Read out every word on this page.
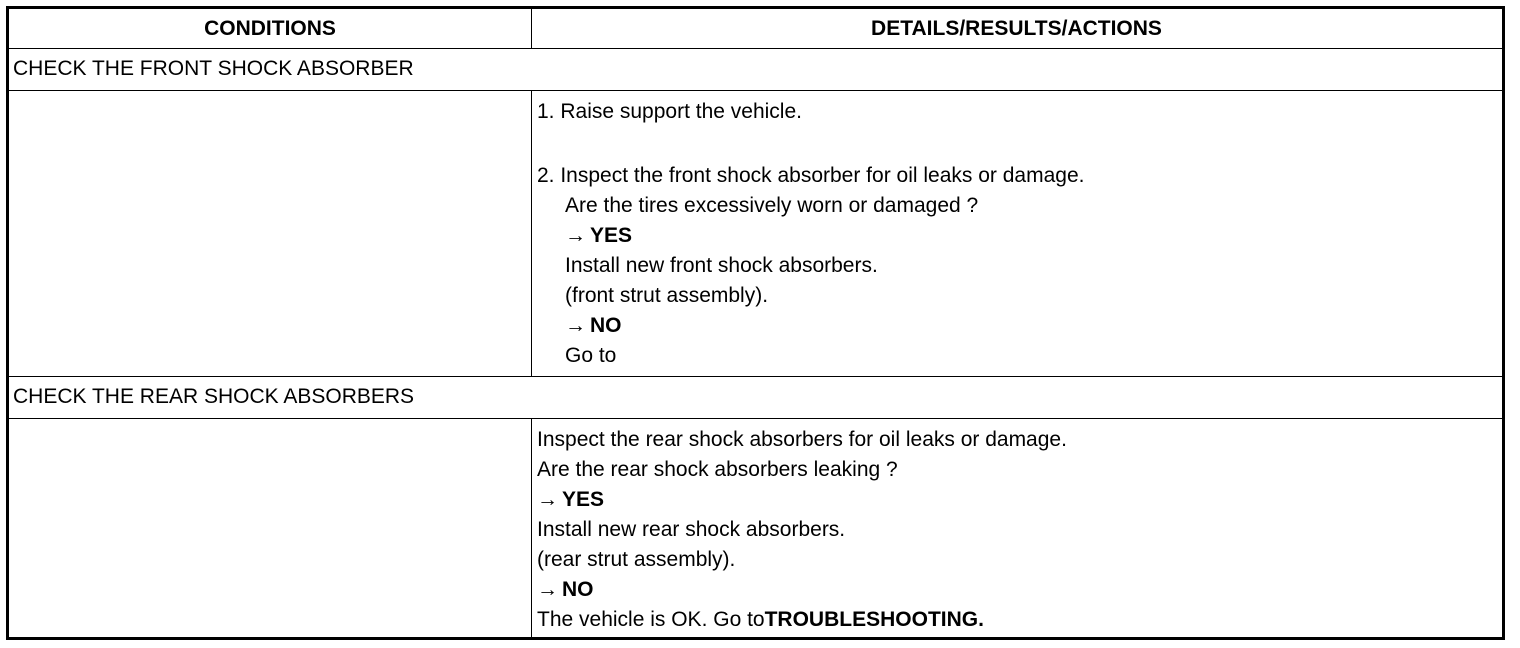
CONDITIONS	DETAILS/RESULTS/ACTIONS
CHECK THE FRONT SHOCK ABSORBER
1. Raise support the vehicle.
2. Inspect the front shock absorber for oil leaks or damage.
Are the tires excessively worn or damaged ?
→ YES
Install new front shock absorbers.
(front strut assembly).
→ NO
Go to
CHECK THE REAR SHOCK ABSORBERS
Inspect the rear shock absorbers for oil leaks or damage.
Are the rear shock absorbers leaking ?
→ YES
Install new rear shock absorbers.
(rear strut assembly).
→ NO
The vehicle is OK. Go toTROUBLESHOOTING.
